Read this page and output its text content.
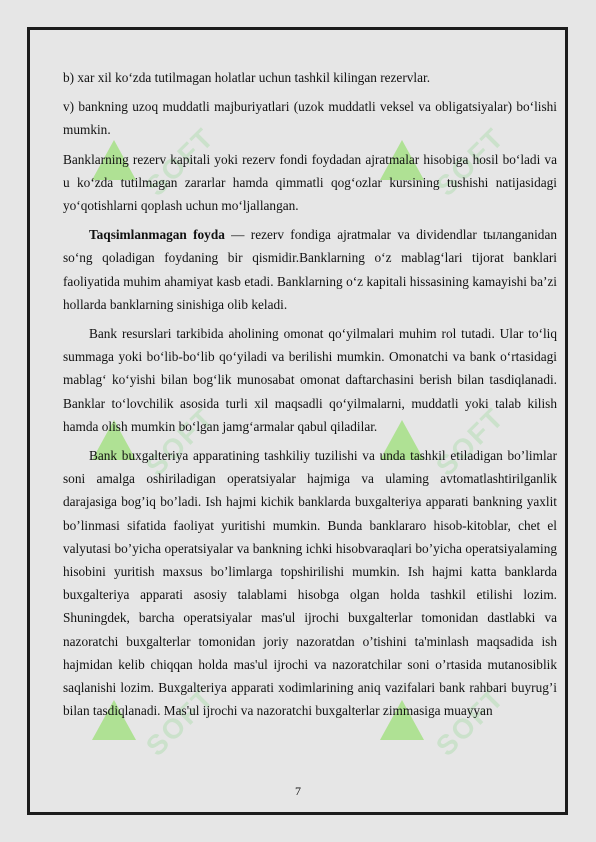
SOFT	SOFT
SOFT	SOFT
SOFT	SOFT

b) xar xil ko‘zda tutilmagan holatlar uchun tashkil kilingan rezervlar.

v) bankning uzoq muddatli majburiyatlari (uzok muddatli veksel va obligatsiyalar) bo‘lishi mumkin.

Banklarning rezerv kapitali yoki rezerv fondi foydadan ajratmalar hisobiga hosil bo‘ladi va u ko‘zda tutilmagan zararlar hamda qimmatli qog‘ozlar kursining tushishi natijasidagi yo‘qotishlarni qoplash uchun mo‘ljallangan.

Taqsimlanmagan foyda — rezerv fondiga ajratmalar va dividendlar tылanganidan so‘ng qoladigan foydaning bir qismidir.Banklarning o‘z mablag‘lari tijorat banklari faoliyatida muhim ahamiyat kasb etadi. Banklarning o‘z kapitali hissasining kamayishi ba’zi hollarda banklarning sinishiga olib keladi.

Bank resurslari tarkibida aholining omonat qo‘yilmalari muhim rol tutadi. Ular to‘liq summaga yoki bo‘lib-bo‘lib qo‘yiladi va berilishi mumkin. Omonatchi va bank o‘rtasidagi mablag‘ ko‘yishi bilan bog‘lik munosabat omonat daftarchasini berish bilan tasdiqlanadi. Banklar to‘lovchilik asosida turli xil maqsadli qo‘yilmalarni, muddatli yoki talab kilish hamda olish mumkin bo‘lgan jamg‘armalar qabul qiladilar.

Bank buxgalteriya apparatining tashkiliy tuzilishi va unda tashkil etiladigan bo’limlar soni amalga oshiriladigan operatsiyalar hajmiga va ulaming avtomatlashtirilganlik darajasiga bog’iq bo’ladi. Ish hajmi kichik banklarda buxgalteriya apparati bankning yaxlit bo’linmasi sifatida faoliyat yuritishi mumkin. Bunda banklararo hisob-kitoblar, chet el valyutasi bo’yicha operatsiyalar va bankning ichki hisobvaraqlari bo’yicha operatsiyalaming hisobini yuritish maxsus bo’limlarga topshirilishi mumkin. Ish hajmi katta banklarda buxgalteriya apparati asosiy talablami hisobga olgan holda tashkil etilishi lozim. Shuningdek, barcha operatsiyalar mas'ul ijrochi buxgalterlar tomonidan dastlabki va nazoratchi buxgalterlar tomonidan joriy nazoratdan o’tishini ta'minlash maqsadida ish hajmidan kelib chiqqan holda mas'ul ijrochi va nazoratchilar soni o’rtasida mutanosiblik saqlanishi lozim. Buxgalteriya apparati xodimlarining aniq vazifalari bank rahbari buyrug’i bilan tasdiqlanadi. Mas'ul ijrochi va nazoratchi buxgalterlar zimmasiga muayyan

7
